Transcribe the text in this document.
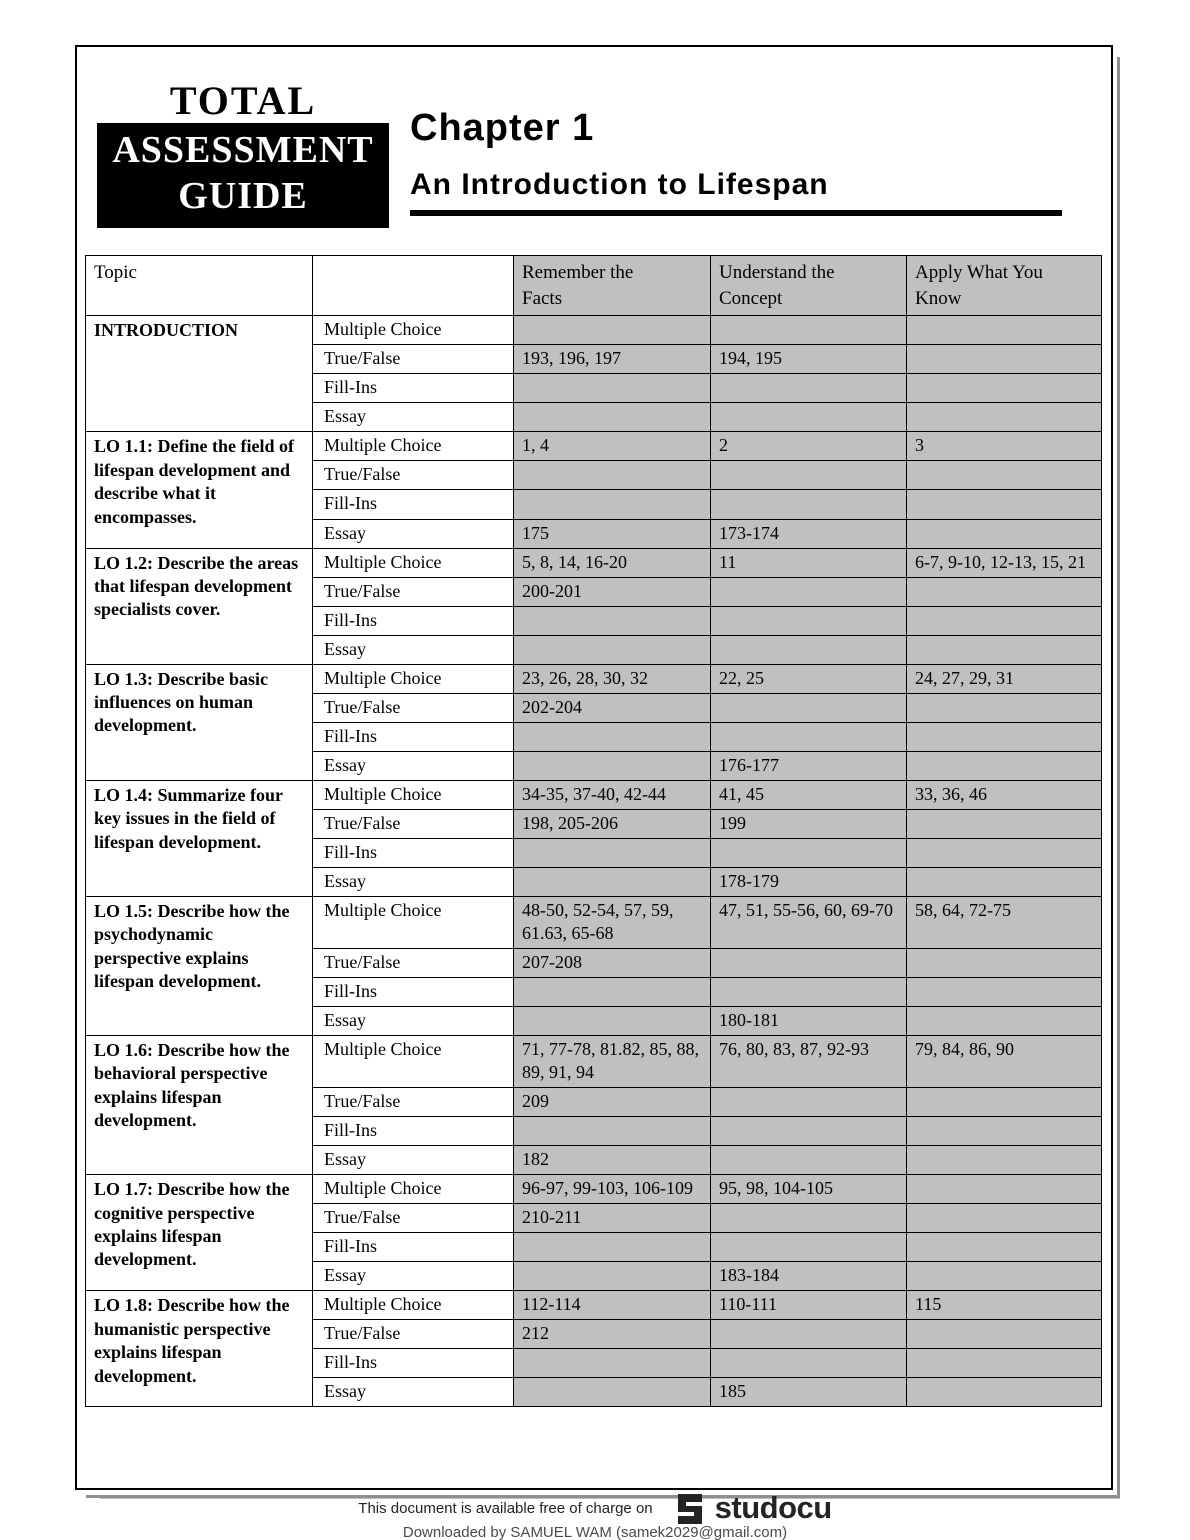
TOTAL
ASSESSMENT
GUIDE
Chapter 1
An Introduction to Lifespan
Topic		Remember the Facts	Understand the Concept	Apply What You Know
INTRODUCTION	Multiple Choice			
	True/False	193, 196, 197	194, 195	
	Fill-Ins			
	Essay			
LO 1.1: Define the field of lifespan development and describe what it encompasses.	Multiple Choice	1, 4	2	3
	True/False			
	Fill-Ins			
	Essay	175	173-174	
LO 1.2: Describe the areas that lifespan development specialists cover.	Multiple Choice	5, 8, 14, 16-20	11	6-7, 9-10, 12-13, 15, 21
	True/False	200-201		
	Fill-Ins			
	Essay			
LO 1.3: Describe basic influences on human development.	Multiple Choice	23, 26, 28, 30, 32	22, 25	24, 27, 29, 31
	True/False	202-204		
	Fill-Ins			
	Essay		176-177	
LO 1.4: Summarize four key issues in the field of lifespan development.	Multiple Choice	34-35, 37-40, 42-44	41, 45	33, 36, 46
	True/False	198, 205-206	199	
	Fill-Ins			
	Essay		178-179	
LO 1.5: Describe how the psychodynamic perspective explains lifespan development.	Multiple Choice	48-50, 52-54, 57, 59, 61.63, 65-68	47, 51, 55-56, 60, 69-70	58, 64, 72-75
	True/False	207-208		
	Fill-Ins			
	Essay		180-181	
LO 1.6: Describe how the behavioral perspective explains lifespan development.	Multiple Choice	71, 77-78, 81.82, 85, 88, 89, 91, 94	76, 80, 83, 87, 92-93	79, 84, 86, 90
	True/False	209		
	Fill-Ins			
	Essay	182		
LO 1.7: Describe how the cognitive perspective explains lifespan development.	Multiple Choice	96-97, 99-103, 106-109	95, 98, 104-105	
	True/False	210-211		
	Fill-Ins			
	Essay		183-184	
LO 1.8: Describe how the humanistic perspective explains lifespan development.	Multiple Choice	112-114	110-111	115
	True/False	212		
	Fill-Ins			
	Essay		185	
This document is available free of charge on studocu
Downloaded by SAMUEL WAM (samek2029@gmail.com)
